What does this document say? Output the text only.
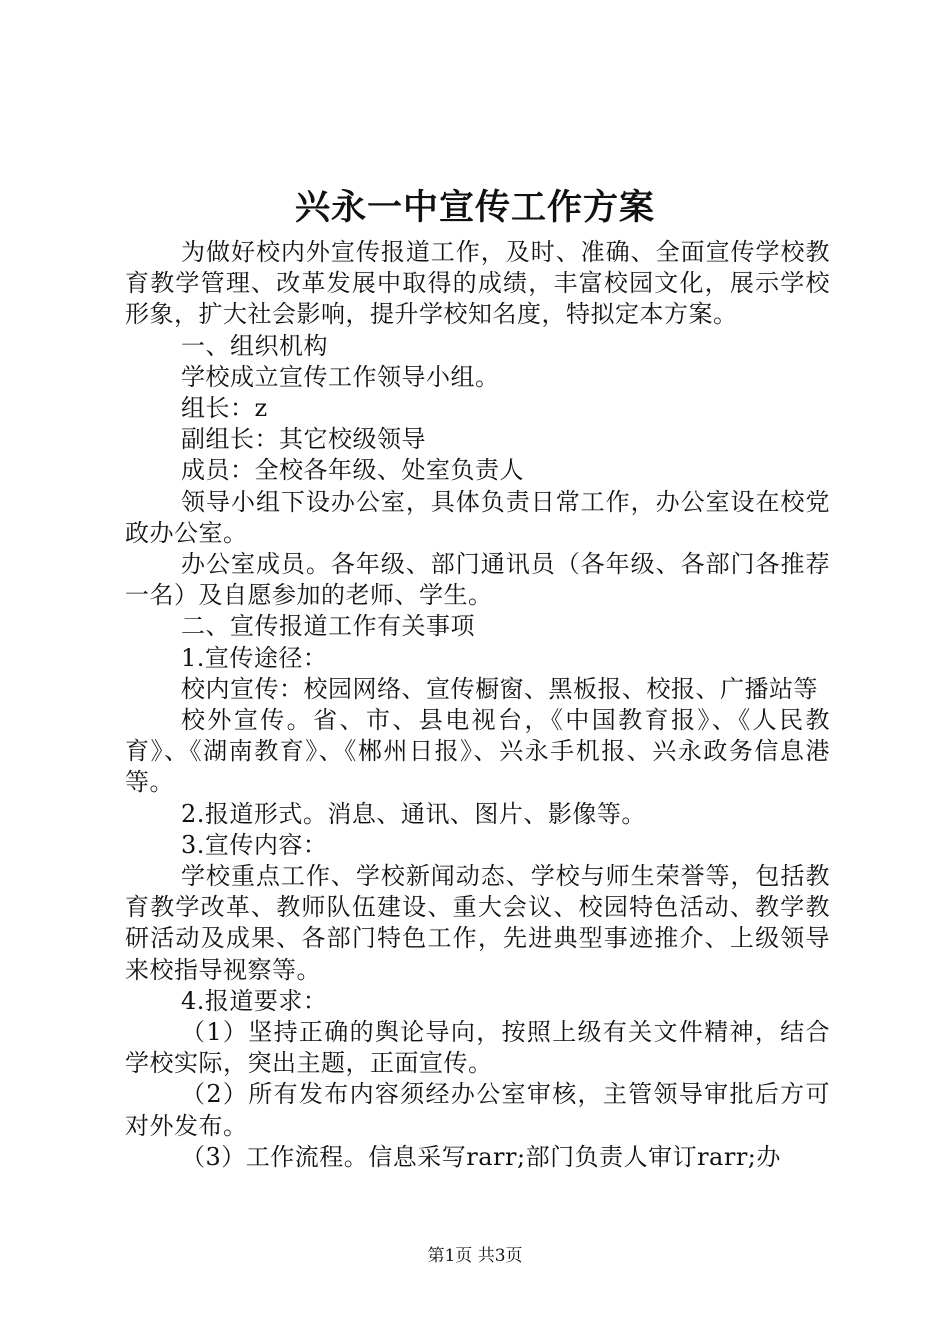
兴永一中宣传工作方案

为做好校内外宣传报道工作，及时、准确、全面宣传学校教育教学管理、改革发展中取得的成绩，丰富校园文化，展示学校形象，扩大社会影响，提升学校知名度，特拟定本方案。

一、组织机构

学校成立宣传工作领导小组。

组长：z

副组长：其它校级领导

成员：全校各年级、处室负责人

领导小组下设办公室，具体负责日常工作，办公室设在校党政办公室。

办公室成员。各年级、部门通讯员（各年级、各部门各推荐一名）及自愿参加的老师、学生。

二、宣传报道工作有关事项

1.宣传途径：

校内宣传：校园网络、宣传橱窗、黑板报、校报、广播站等

校外宣传。省、市、县电视台，《中国教育报》、《人民教育》、《湖南教育》、《郴州日报》、兴永手机报、兴永政务信息港等。

2.报道形式。消息、通讯、图片、影像等。

3.宣传内容：

学校重点工作、学校新闻动态、学校与师生荣誉等，包括教育教学改革、教师队伍建设、重大会议、校园特色活动、教学教研活动及成果、各部门特色工作，先进典型事迹推介、上级领导来校指导视察等。

4.报道要求：

（1）坚持正确的舆论导向，按照上级有关文件精神，结合学校实际，突出主题，正面宣传。

（2）所有发布内容须经办公室审核，主管领导审批后方可对外发布。

（3）工作流程。信息采写rarr;部门负责人审订rarr;办

第1页 共3页
